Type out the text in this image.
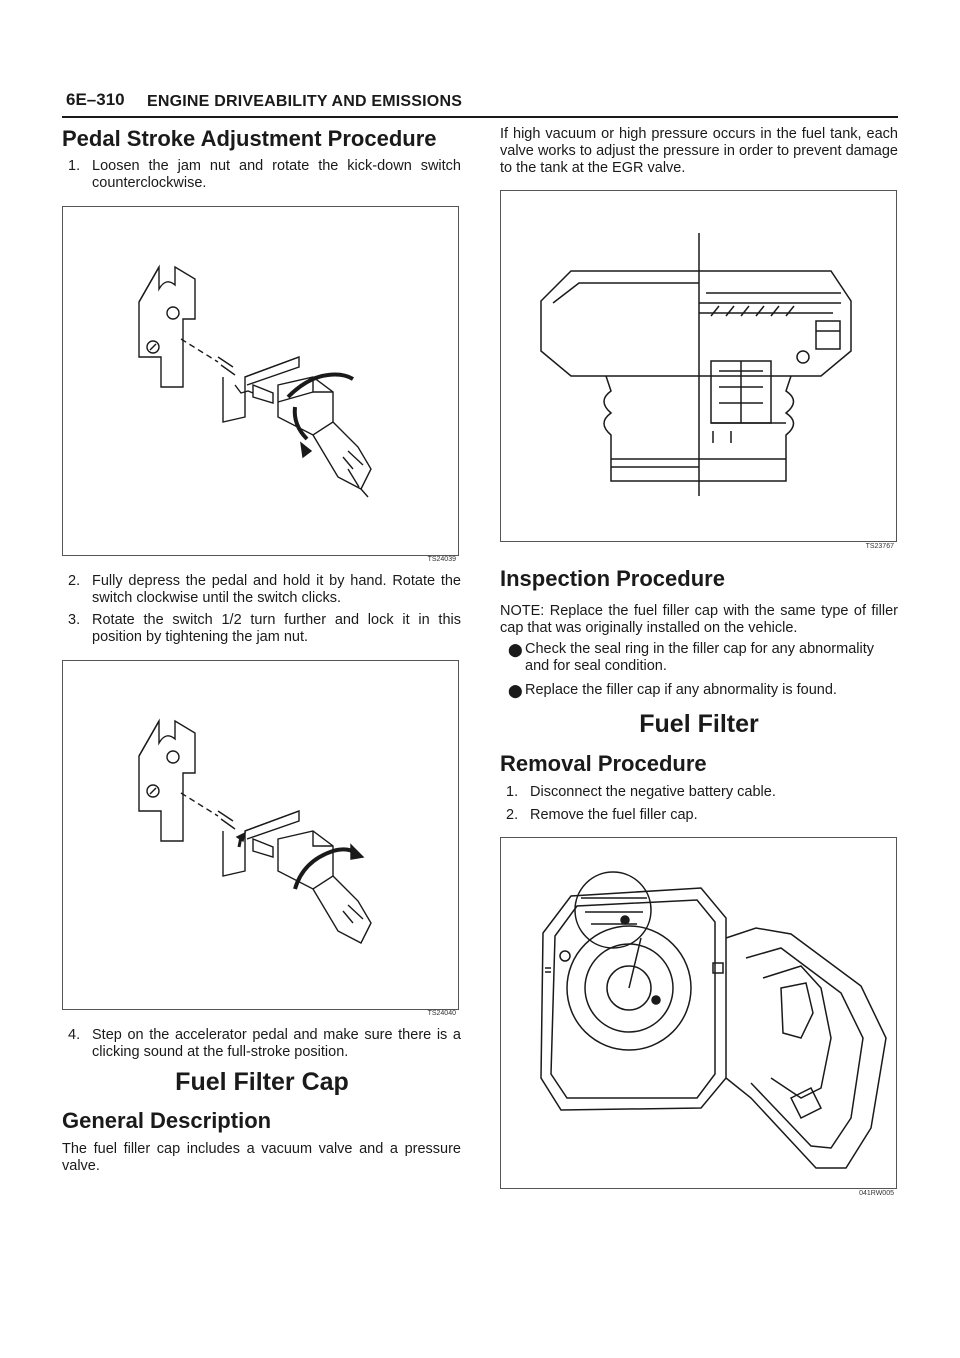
6E–310 ENGINE DRIVEABILITY AND EMISSIONS
Pedal Stroke Adjustment Procedure
1. Loosen the jam nut and rotate the kick-down switch counterclockwise.
TS24039
2. Fully depress the pedal and hold it by hand. Rotate the switch clockwise until the switch clicks.
3. Rotate the switch 1/2 turn further and lock it in this position by tightening the jam nut.
TS24040
4. Step on the accelerator pedal and make sure there is a clicking sound at the full-stroke position.
Fuel Filter Cap
General Description
The fuel filler cap includes a vacuum valve and a pressure valve.
If high vacuum or high pressure occurs in the fuel tank, each valve works to adjust the pressure in order to prevent damage to the tank at the EGR valve.
TS23767
Inspection Procedure
NOTE: Replace the fuel filler cap with the same type of filler cap that was originally installed on the vehicle.
⬤ Check the seal ring in the filler cap for any abnormality and for seal condition.
⬤ Replace the filler cap if any abnormality is found.
Fuel Filter
Removal Procedure
1. Disconnect the negative battery cable.
2. Remove the fuel filler cap.
041RW005
